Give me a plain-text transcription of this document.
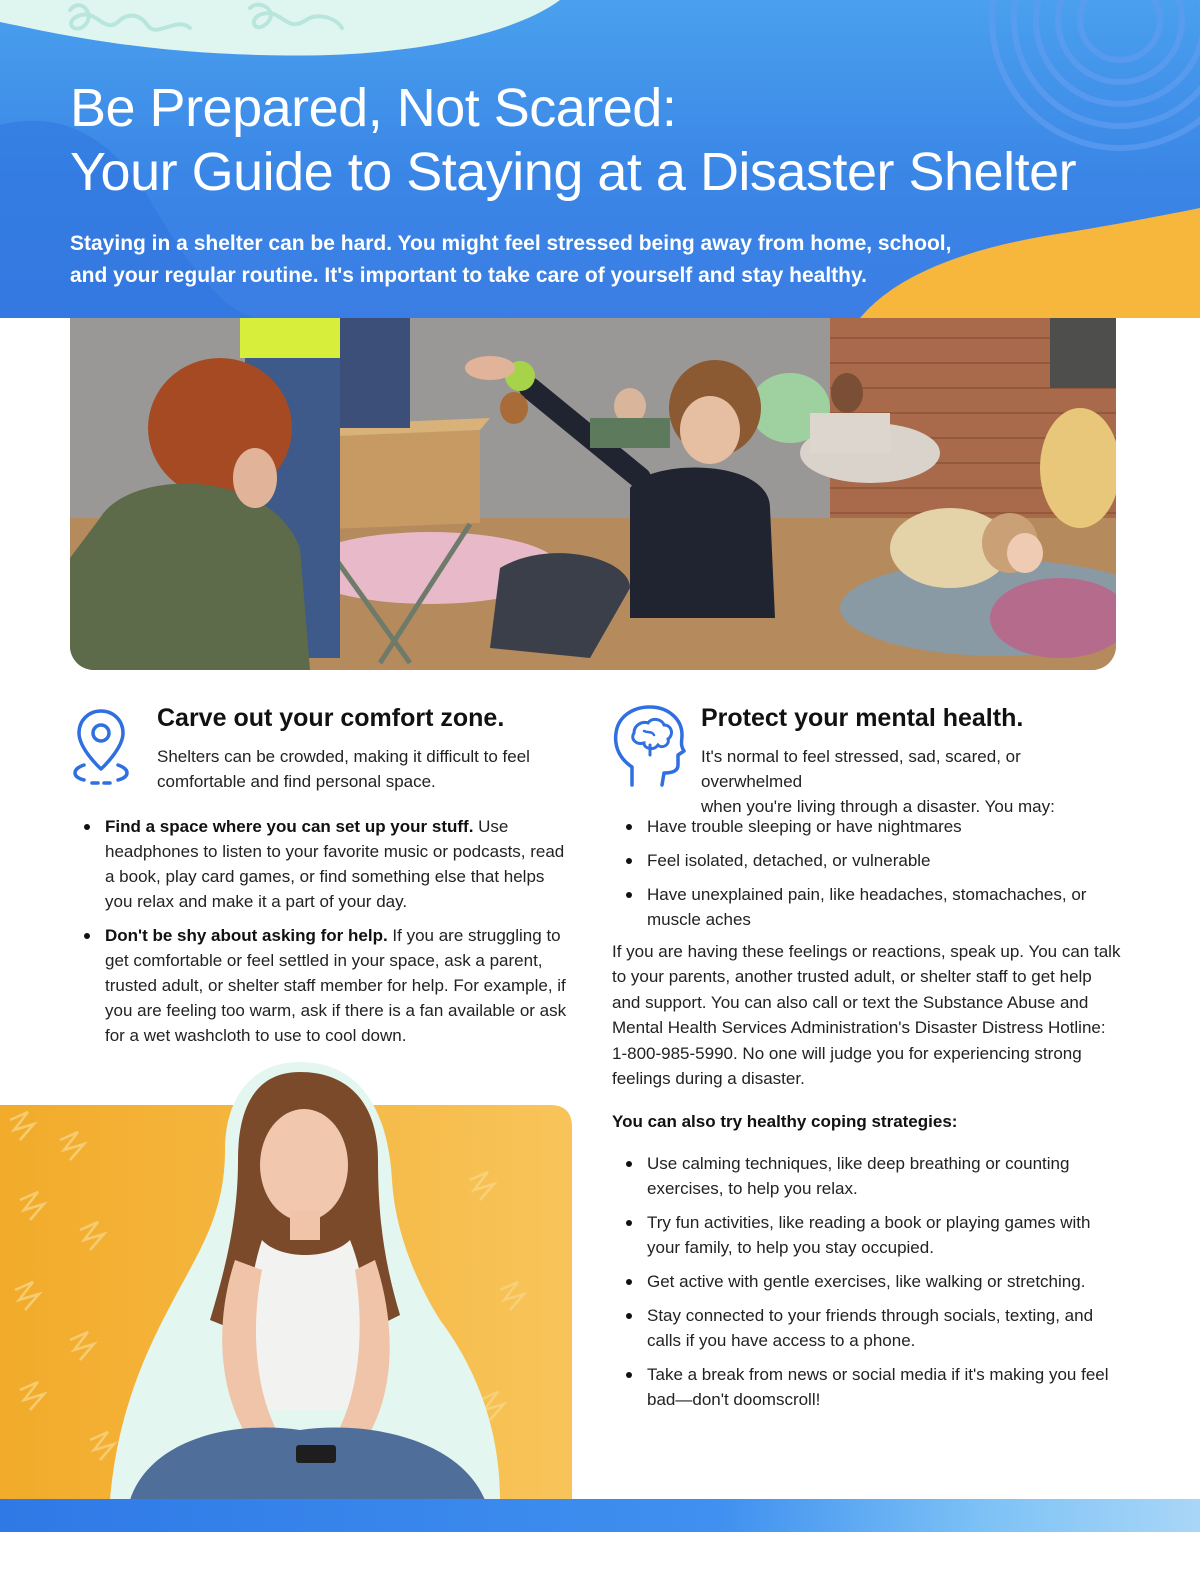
Be Prepared, Not Scared:
Your Guide to Staying at a Disaster Shelter

Staying in a shelter can be hard. You might feel stressed being away from home, school,
and your regular routine. It's important to take care of yourself and stay healthy.

Carve out your comfort zone.

Shelters can be crowded, making it difficult to feel
comfortable and find personal space.

Find a space where you can set up your stuff. Use headphones to listen to your favorite music or podcasts, read a book, play card games, or find something else that helps you relax and make it a part of your day.
Don't be shy about asking for help. If you are struggling to get comfortable or feel settled in your space, ask a parent, trusted adult, or shelter staff member for help. For example, if you are feeling too warm, ask if there is a fan available or ask for a wet washcloth to use to cool down.
Protect your mental health.

It's normal to feel stressed, sad, scared, or overwhelmed
when you're living through a disaster. You may:

Have trouble sleeping or have nightmares
Feel isolated, detached, or vulnerable
Have unexplained pain, like headaches, stomachaches, or muscle aches

If you are having these feelings or reactions, speak up. You can talk to your parents, another trusted adult, or shelter staff to get help and support. You can also call or text the Substance Abuse and Mental Health Services Administration's Disaster Distress Hotline: 1-800-985-5990. No one will judge you for experiencing strong feelings during a disaster.

You can also try healthy coping strategies:

Use calming techniques, like deep breathing or counting exercises, to help you relax.
Try fun activities, like reading a book or playing games with your family, to help you stay occupied.
Get active with gentle exercises, like walking or stretching.
Stay connected to your friends through socials, texting, and calls if you have access to a phone.
Take a break from news or social media if it's making you feel bad—don't doomscroll!
